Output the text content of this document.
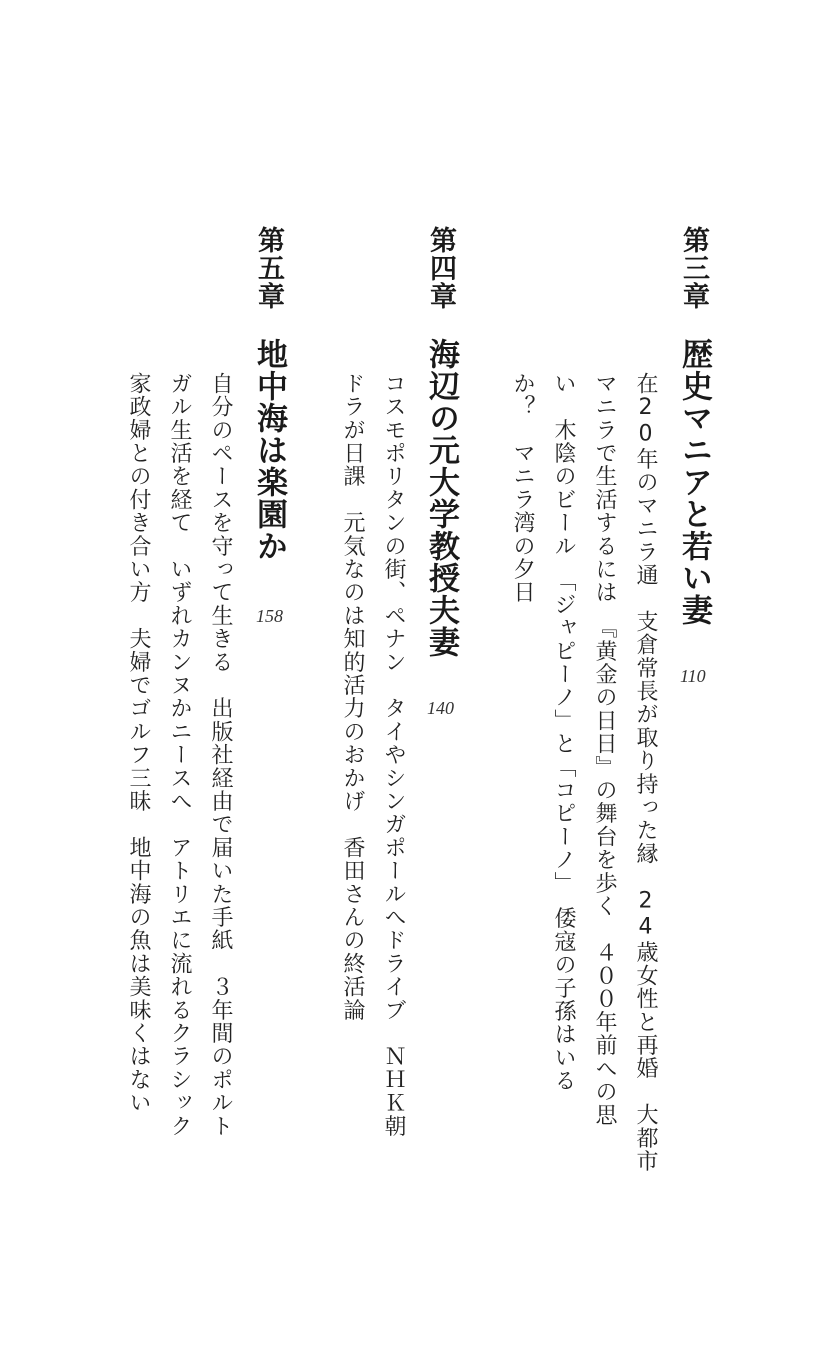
第三章
歴史マニアと若い妻
110
在20年のマニラ通　支倉常長が取り持った縁　24歳女性と再婚　大都市
マニラで生活するには　『黄金の日日』の舞台を歩く　４００年前への思
い　木陰のビール　「ジャピーノ」と「コピーノ」　倭寇の子孫はいる
か？　マニラ湾の夕日
第四章
海辺の元大学教授夫妻
140
コスモポリタンの街、ペナン　タイやシンガポールへドライブ　ＮＨＫ朝
ドラが日課　元気なのは知的活力のおかげ　香田さんの終活論
第五章
地中海は楽園か
158
自分のペースを守って生きる　出版社経由で届いた手紙　３年間のポルト
ガル生活を経て　いずれカンヌかニースへ　アトリエに流れるクラシック
家政婦との付き合い方　夫婦でゴルフ三昧　地中海の魚は美味くはない
